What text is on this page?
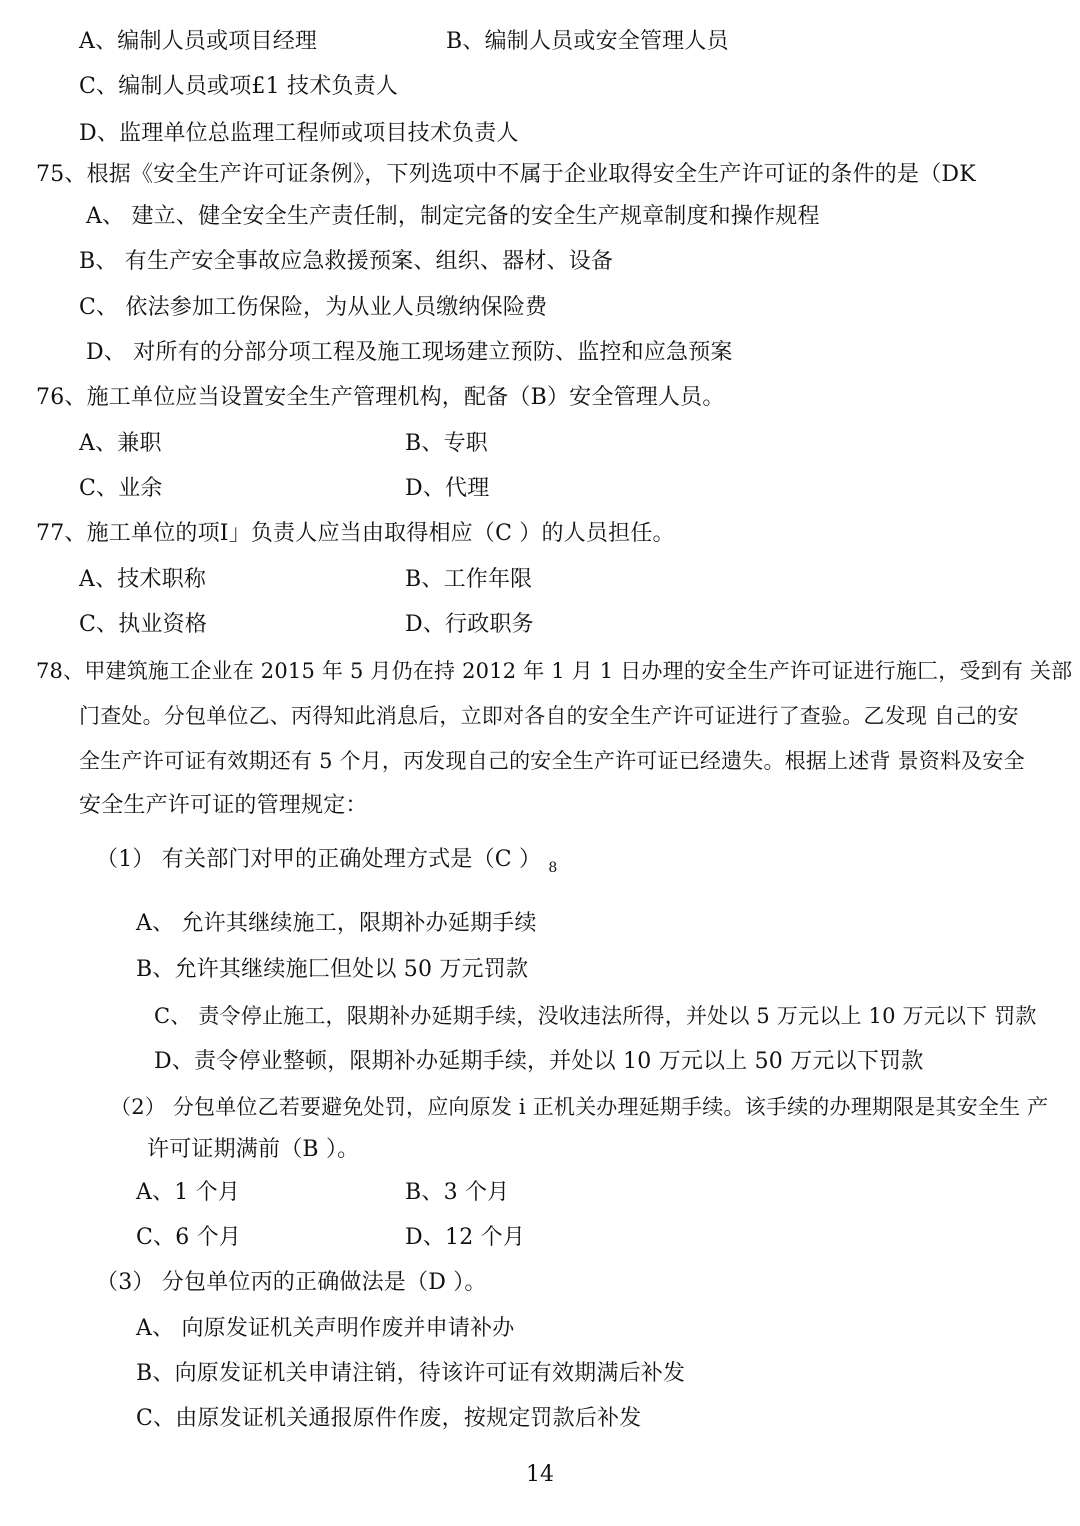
A、编制人员或项目经理	B、编制人员或安全管理人员
C、编制人员或项£1 技术负责人
D、监理单位总监理工程师或项目技术负责人
75、根据《安全生产许可证条例》，下列选项中不属于企业取得安全生产许可证的条件的是（DK
A、 建立、健全安全生产责任制，制定完备的安全生产规章制度和操作规程
B、 有生产安全事故应急救援预案、组织、器材、设备
C、 依法参加工伤保险，为从业人员缴纳保险费
D、 对所有的分部分项工程及施工现场建立预防、监控和应急预案
76、施工单位应当设置安全生产管理机构，配备（B）安全管理人员。
A、兼职	B、专职
C、业余	D、代理
77、施工单位的项I」负责人应当由取得相应（C ）的人员担任。
A、技术职称	B、工作年限
C、执业资格	D、行政职务
78、甲建筑施工企业在 2015 年 5 月仍在持 2012 年 1 月 1 日办理的安全生产许可证进行施匚，受到有 关部
门查处。分包单位乙、丙得知此消息后，立即对各自的安全生产许可证进行了查验。乙发现 自己的安
全生产许可证有效期还有 5 个月，丙发现自己的安全生产许可证已经遗失。根据上述背 景资料及安全
安全生产许可证的管理规定：
（1） 有关部门对甲的正确处理方式是（C ） $_8$
A、 允许其继续施工，限期补办延期手续
B、允许其继续施匚但处以 50 万元罚款
C、 责令停止施工，限期补办延期手续，没收违法所得，并处以 5 万元以上 10 万元以下 罚款
D、责令停业整顿，限期补办延期手续，并处以 10 万元以上 50 万元以下罚款
（2） 分包单位乙若要避免处罚，应向原发 i 正机关办理延期手续。该手续的办理期限是其安全生 产
许可证期满前（B ）。
A、1 个月	B、3 个月
C、6 个月	D、12 个月
（3） 分包单位丙的正确做法是（D ）。
A、 向原发证机关声明作废并申请补办
B、向原发证机关申请注销，待该许可证有效期满后补发
C、由原发证机关通报原件作废，按规定罚款后补发
14
